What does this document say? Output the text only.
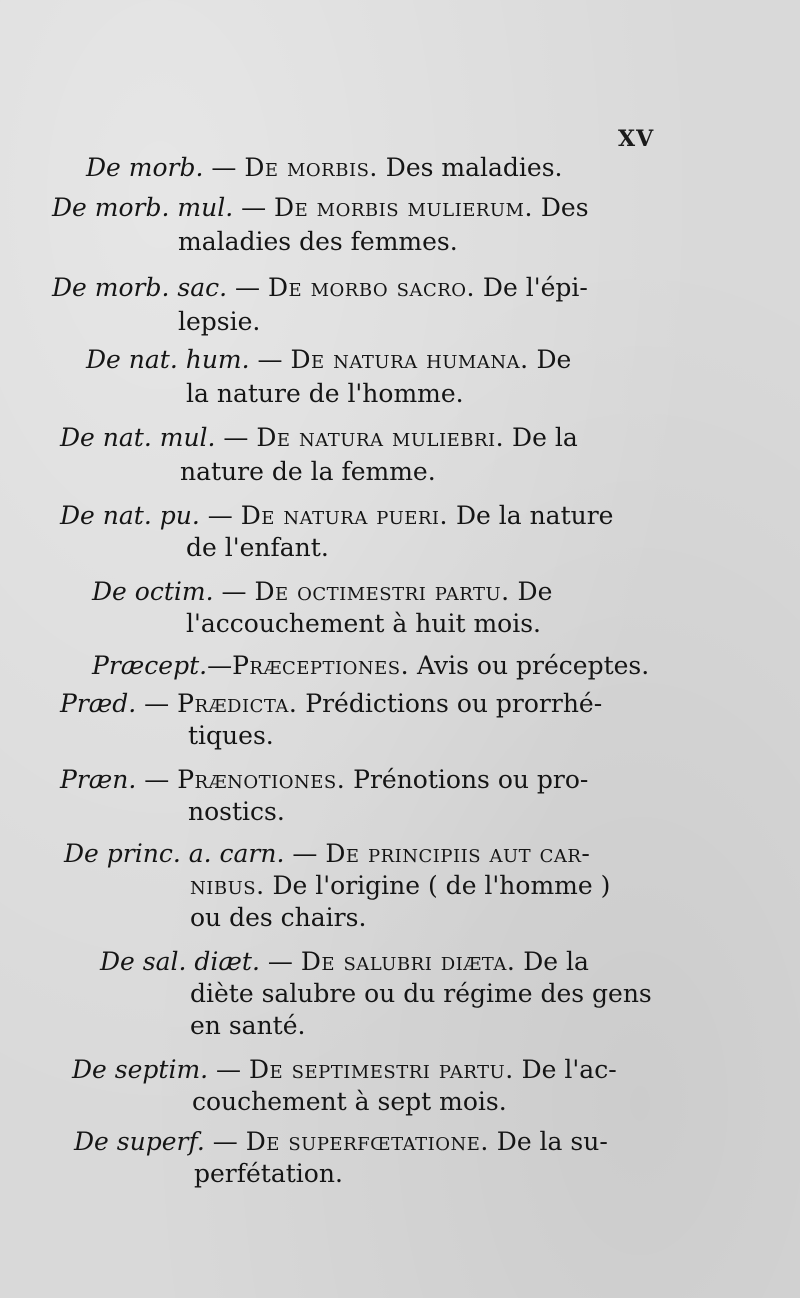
XV
De morb. — De morbis. Des maladies.
De morb. mul. — De morbis mulierum. Des
maladies des femmes.
De morb. sac. — De morbo sacro. De l'épi-
lepsie.
De nat. hum. — De natura humana. De
la nature de l'homme.
De nat. mul. — De natura muliebri. De la
nature de la femme.
De nat. pu. — De natura pueri. De la nature
de l'enfant.
De octim. — De octimestri partu. De
l'accouchement à huit mois.
Præcept.—Præceptiones. Avis ou préceptes.
Præd. — Prædicta. Prédictions ou prorrhé-
tiques.
Præn. — Prænotiones. Prénotions ou pro-
nostics.
De princ. a. carn. — De principiis aut car-
nibus. De l'origine ( de l'homme )
ou des chairs.
De sal. diæt. — De salubri diæta. De la
diète salubre ou du régime des gens
en santé.
De septim. — De septimestri partu. De l'ac-
couchement à sept mois.
De superf. — De superfœtatione. De la su-
perfétation.
